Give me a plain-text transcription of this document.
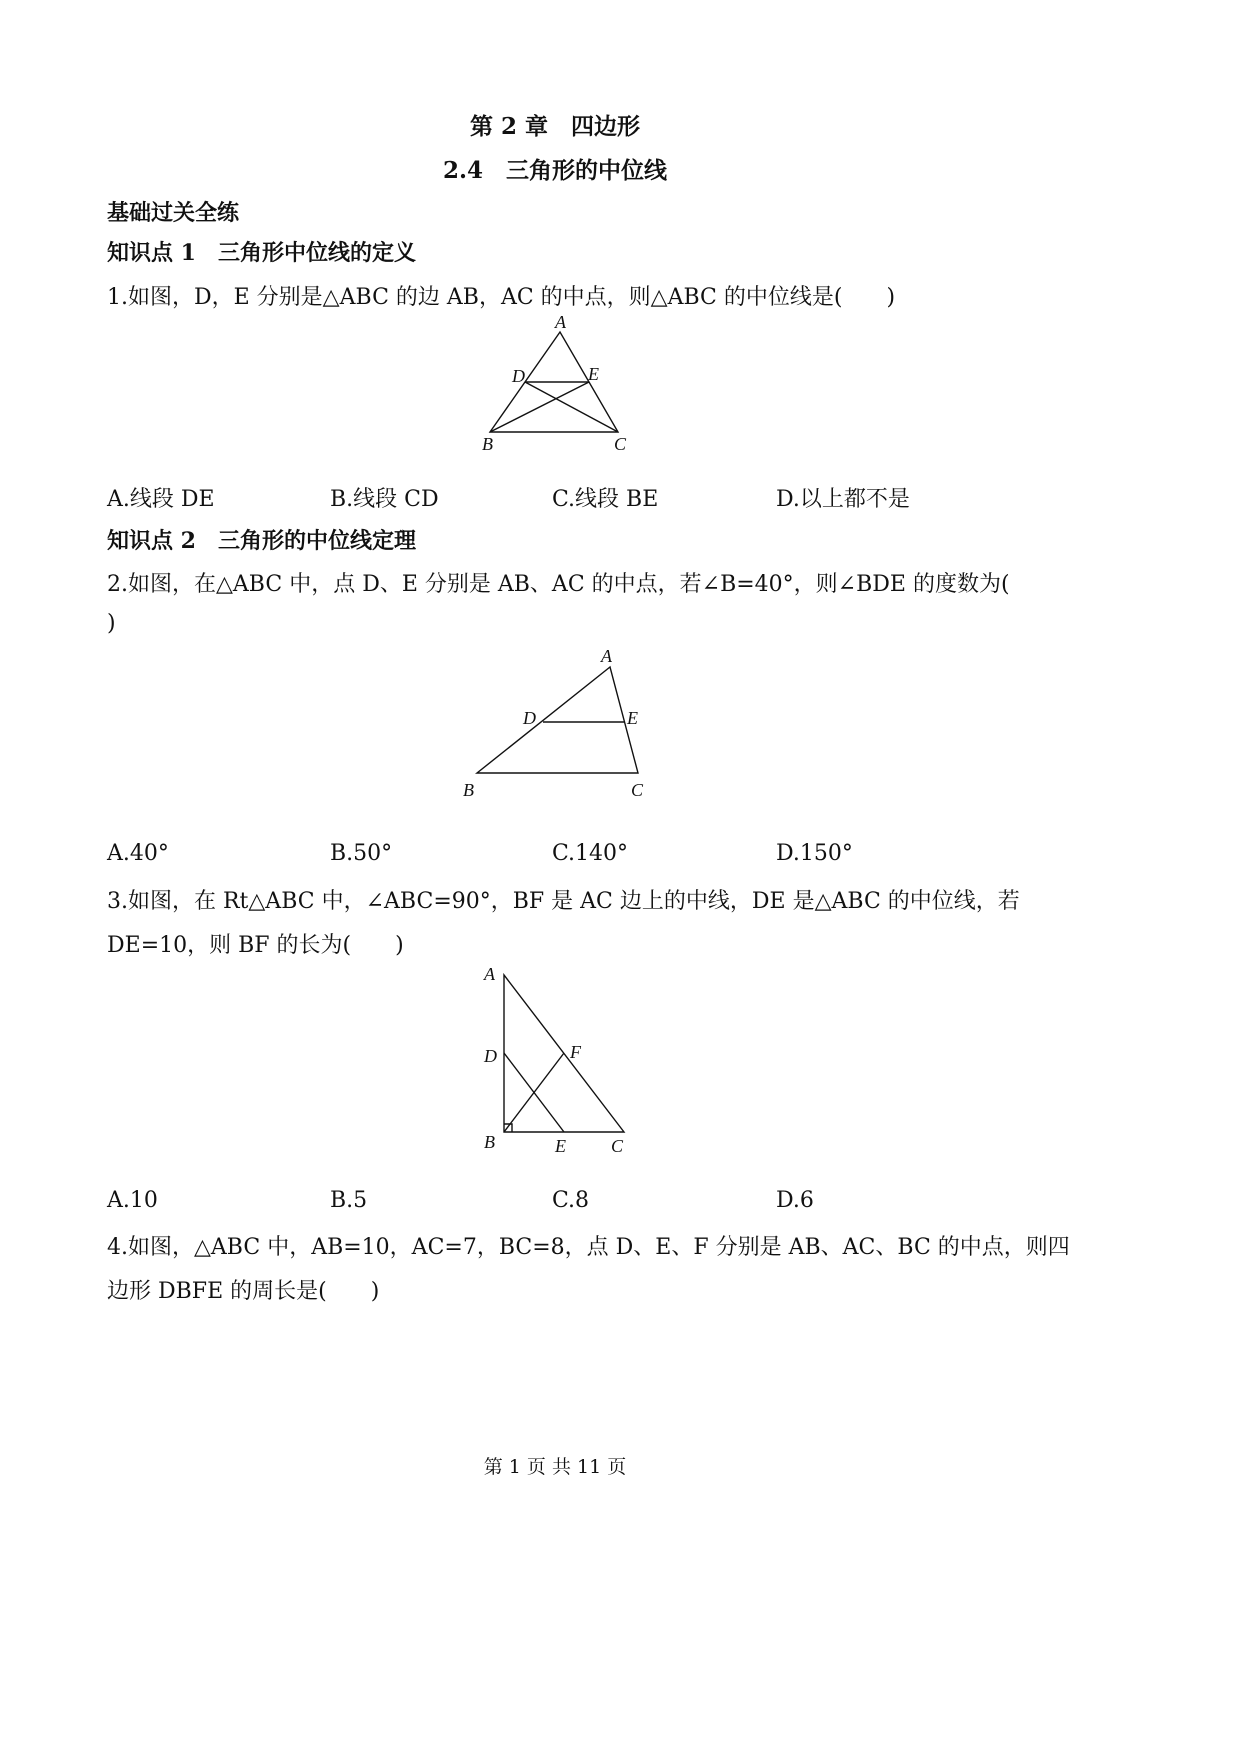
第 2 章　四边形
2.4　三角形的中位线
基础过关全练
知识点 1　三角形中位线的定义
1.如图，D，E 分别是△ABC 的边 AB，AC 的中点，则△ABC 的中位线是(　　)
A
D	E
B	C
A.线段 DE	B.线段 CD	C.线段 BE	D.以上都不是
知识点 2　三角形的中位线定理
2.如图，在△ABC 中，点 D、E 分别是 AB、AC 的中点，若∠B=40°，则∠BDE 的度数为(
)
A
D	E
B	C
A.40°	B.50°	C.140°	D.150°
3.如图，在 Rt△ABC 中，∠ABC=90°，BF 是 AC 边上的中线，DE 是△ABC 的中位线，若
DE=10，则 BF 的长为(　　)
A
D	F
B	E	C
A.10	B.5	C.8	D.6
4.如图，△ABC 中，AB=10，AC=7，BC=8，点 D、E、F 分别是 AB、AC、BC 的中点，则四
边形 DBFE 的周长是(　　)
第 1 页 共 11 页
